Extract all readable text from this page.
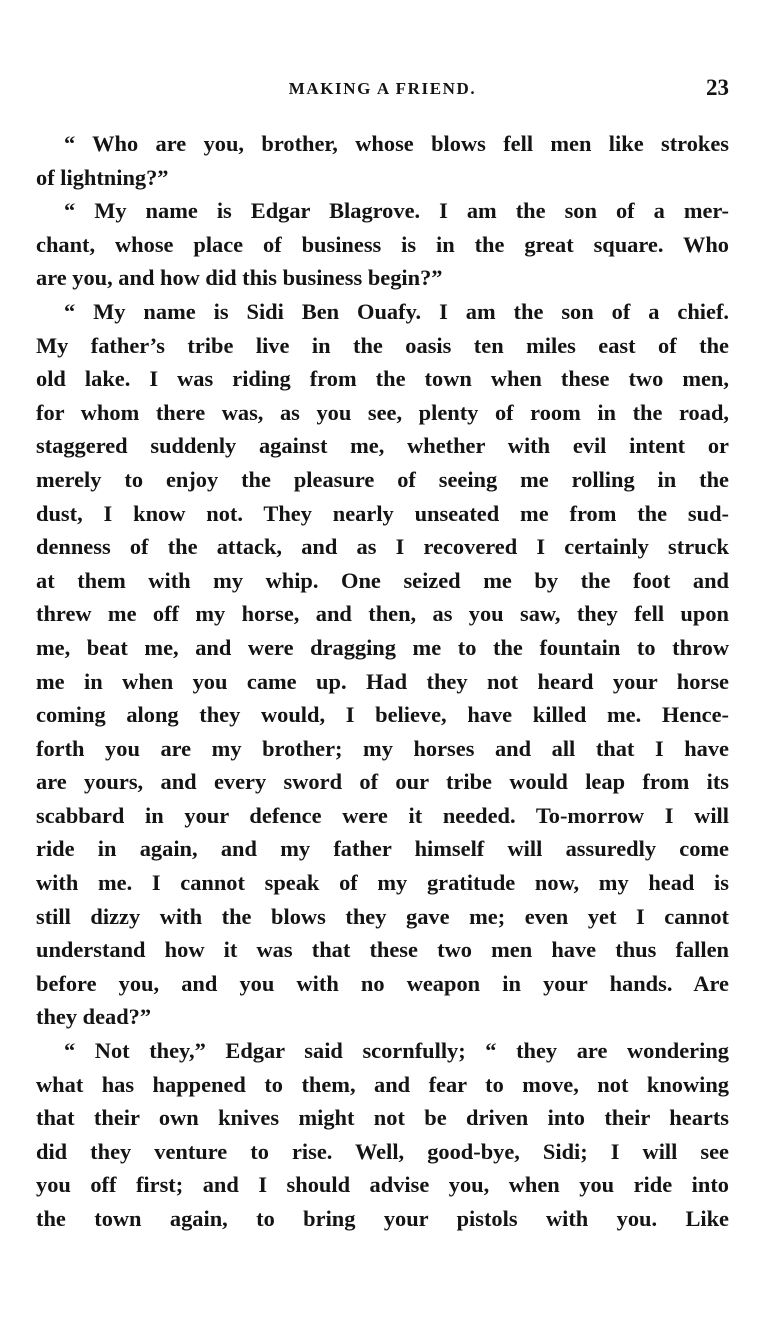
MAKING A FRIEND.	23
“ Who are you, brother, whose blows fell men like strokes
of lightning?”
“ My name is Edgar Blagrove. I am the son of a mer-
chant, whose place of business is in the great square. Who
are you, and how did this business begin?”
“ My name is Sidi Ben Ouafy. I am the son of a chief.
My father’s tribe live in the oasis ten miles east of the
old lake. I was riding from the town when these two men,
for whom there was, as you see, plenty of room in the road,
staggered suddenly against me, whether with evil intent or
merely to enjoy the pleasure of seeing me rolling in the
dust, I know not. They nearly unseated me from the sud-
denness of the attack, and as I recovered I certainly struck
at them with my whip. One seized me by the foot and
threw me off my horse, and then, as you saw, they fell upon
me, beat me, and were dragging me to the fountain to throw
me in when you came up. Had they not heard your horse
coming along they would, I believe, have killed me. Hence-
forth you are my brother; my horses and all that I have
are yours, and every sword of our tribe would leap from its
scabbard in your defence were it needed. To-morrow I will
ride in again, and my father himself will assuredly come
with me. I cannot speak of my gratitude now, my head is
still dizzy with the blows they gave me; even yet I cannot
understand how it was that these two men have thus fallen
before you, and you with no weapon in your hands. Are
they dead?”
“ Not they,” Edgar said scornfully; “ they are wondering
what has happened to them, and fear to move, not knowing
that their own knives might not be driven into their hearts
did they venture to rise. Well, good-bye, Sidi; I will see
you off first; and I should advise you, when you ride into
the town again, to bring your pistols with you. Like
